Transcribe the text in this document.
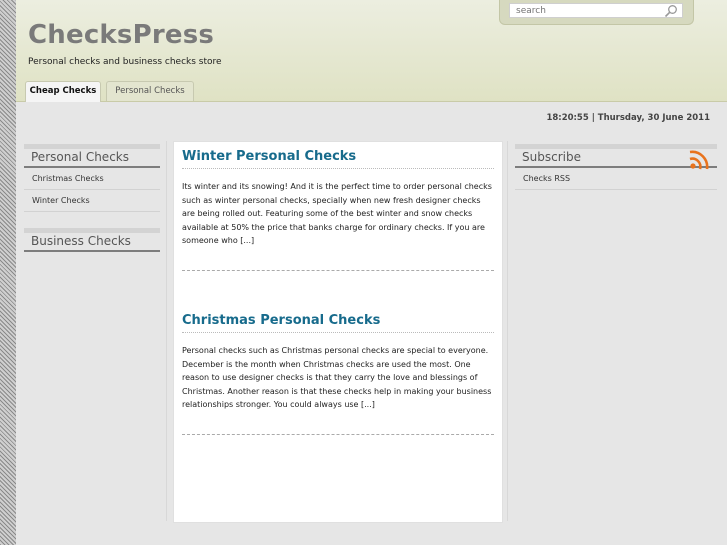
ChecksPress
Personal checks and business checks store
search
Cheap Checks	Personal Checks
18:20:55 | Thursday, 30 June 2011
Personal Checks
Christmas Checks
Winter Checks
Business Checks
Winter Personal Checks
Its winter and its snowing! And it is the perfect time to order personal checks such as winter personal checks, specially when new fresh designer checks are being rolled out. Featuring some of the best winter and snow checks available at 50% the price that banks charge for ordinary checks. If you are someone who [...]
Christmas Personal Checks
Personal checks such as Christmas personal checks are special to everyone. December is the month when Christmas checks are used the most. One reason to use designer checks is that they carry the love and blessings of Christmas. Another reason is that these checks help in making your business relationships stronger. You could always use [...]
Subscribe
Checks RSS
